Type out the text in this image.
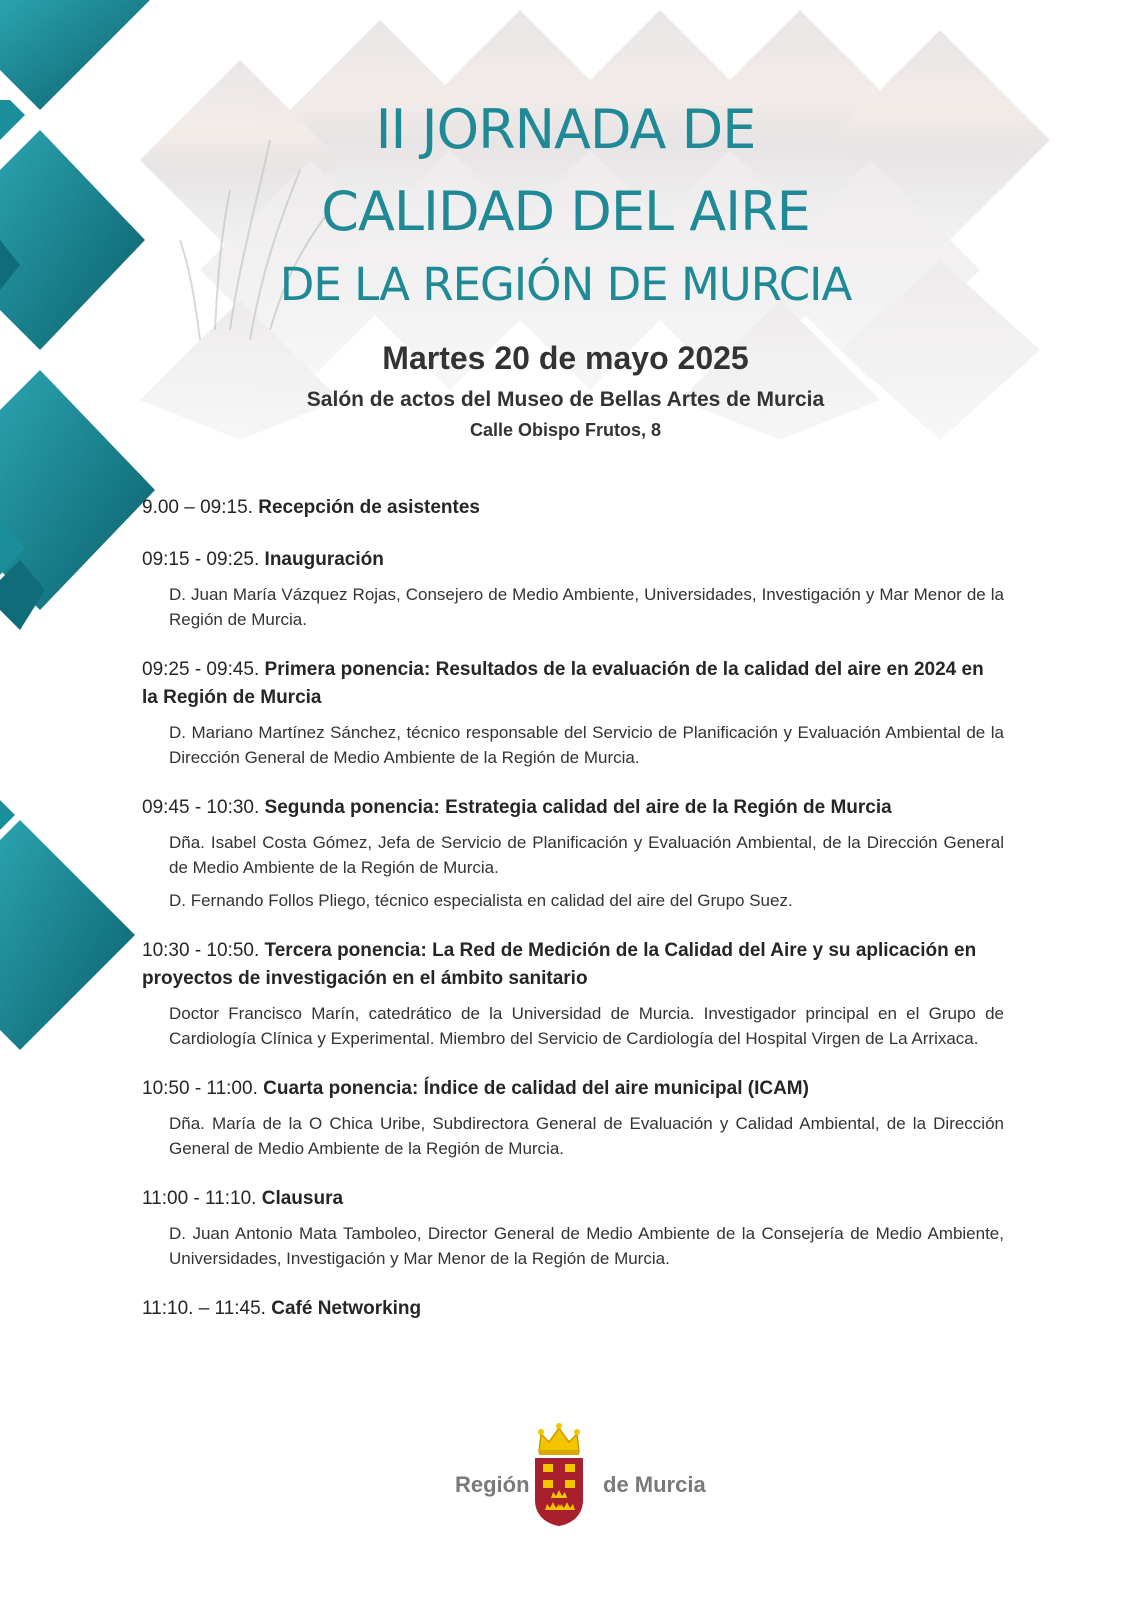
II JORNADA DE
CALIDAD DEL AIRE
DE LA REGIÓN DE MURCIA
Martes 20 de mayo 2025
Salón de actos del Museo de Bellas Artes de Murcia
Calle Obispo Frutos, 8
9.00 – 09:15. Recepción de asistentes
09:15 - 09:25. Inauguración
D. Juan María Vázquez Rojas, Consejero de Medio Ambiente, Universidades, Investigación y Mar Menor de la Región de Murcia.
09:25 - 09:45. Primera ponencia: Resultados de la evaluación de la calidad del aire en 2024 en la Región de Murcia
D. Mariano Martínez Sánchez, técnico responsable del Servicio de Planificación y Evaluación Ambiental de la Dirección General de Medio Ambiente de la Región de Murcia.
09:45 - 10:30. Segunda ponencia: Estrategia calidad del aire de la Región de Murcia
Dña. Isabel Costa Gómez, Jefa de Servicio de Planificación y Evaluación Ambiental, de la Dirección General de Medio Ambiente de la Región de Murcia.
D. Fernando Follos Pliego, técnico especialista en calidad del aire del Grupo Suez.
10:30 - 10:50. Tercera ponencia: La Red de Medición de la Calidad del Aire y su aplicación en proyectos de investigación en el ámbito sanitario
Doctor Francisco Marín, catedrático de la Universidad de Murcia. Investigador principal en el Grupo de Cardiología Clínica y Experimental. Miembro del Servicio de Cardiología del Hospital Virgen de La Arrixaca.
10:50 - 11:00. Cuarta ponencia: Índice de calidad del aire municipal (ICAM)
Dña. María de la O Chica Uribe, Subdirectora General de Evaluación y Calidad Ambiental, de la Dirección General de Medio Ambiente de la Región de Murcia.
11:00 - 11:10. Clausura
D. Juan Antonio Mata Tamboleo, Director General de Medio Ambiente de la Consejería de Medio Ambiente, Universidades, Investigación y Mar Menor de la Región de Murcia.
11:10. – 11:45. Café Networking
Región	de Murcia
